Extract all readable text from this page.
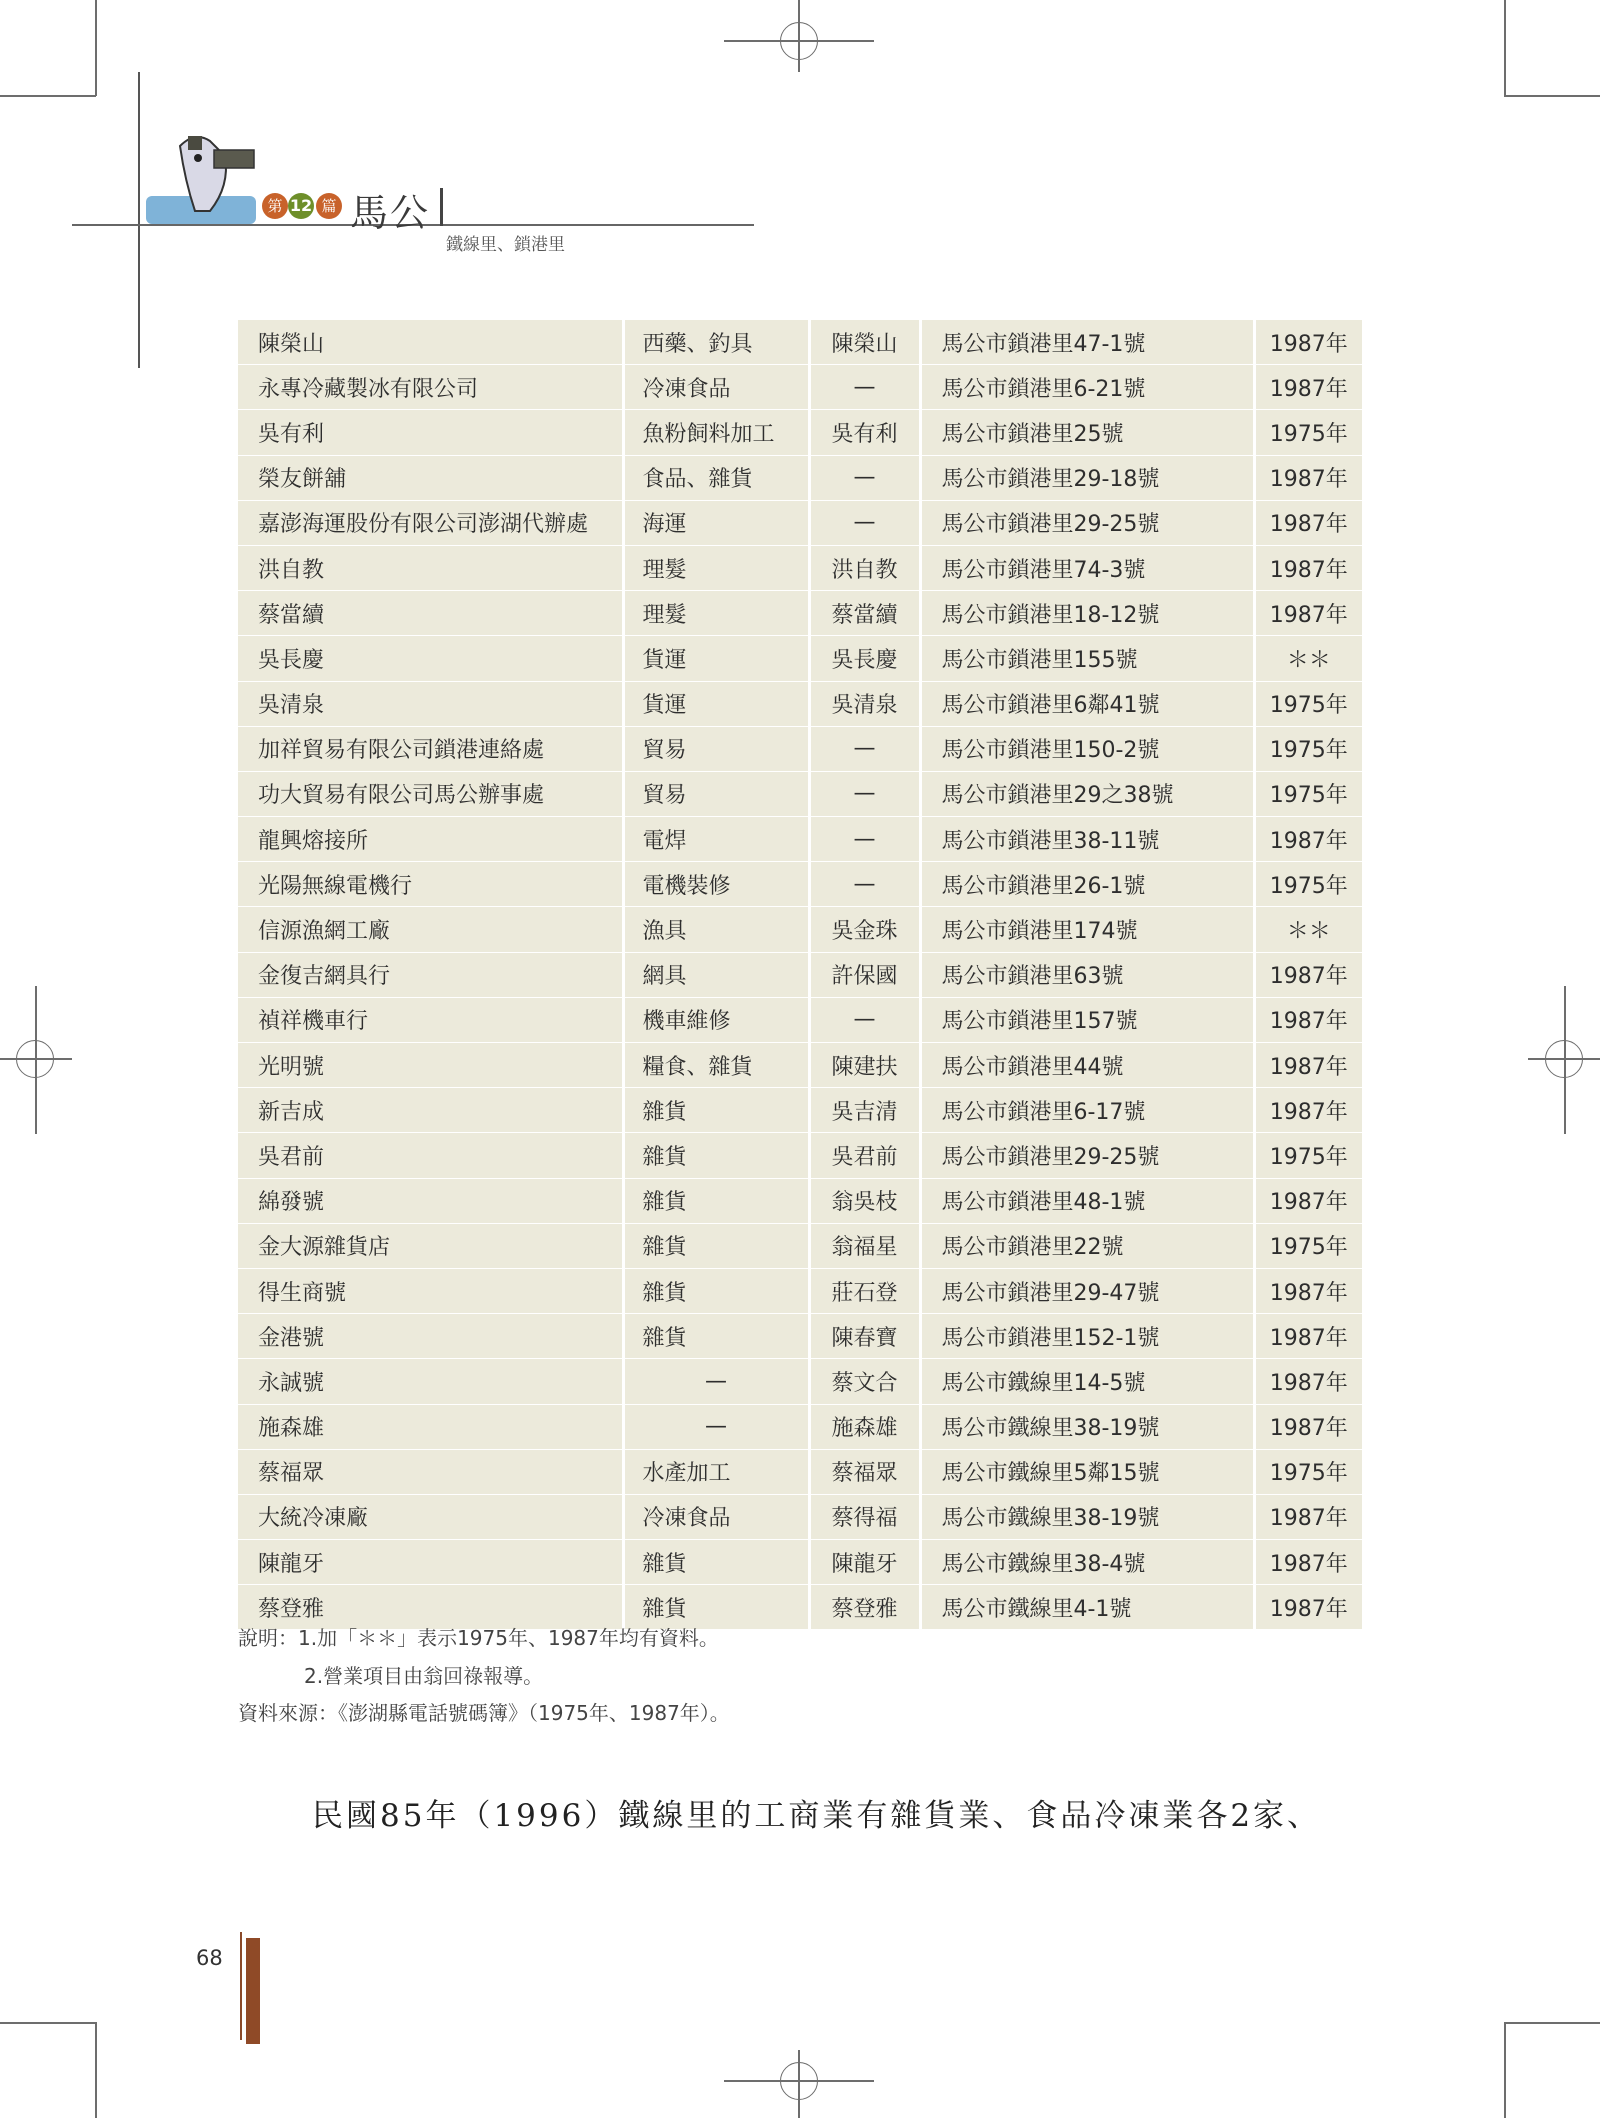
第 12 篇 馬公
鐵線里、鎖港里
陳榮山	西藥、釣具	陳榮山	馬公市鎖港里47-1號	1987年
永專冷藏製冰有限公司	冷凍食品	—	馬公市鎖港里6-21號	1987年
吳有利	魚粉飼料加工	吳有利	馬公市鎖港里25號	1975年
榮友餅舖	食品、雜貨	—	馬公市鎖港里29-18號	1987年
嘉澎海運股份有限公司澎湖代辦處	海運	—	馬公市鎖港里29-25號	1987年
洪自教	理髮	洪自教	馬公市鎖港里74-3號	1987年
蔡當續	理髮	蔡當續	馬公市鎖港里18-12號	1987年
吳長慶	貨運	吳長慶	馬公市鎖港里155號	＊＊
吳清泉	貨運	吳清泉	馬公市鎖港里6鄰41號	1975年
加祥貿易有限公司鎖港連絡處	貿易	—	馬公市鎖港里150-2號	1975年
功大貿易有限公司馬公辦事處	貿易	—	馬公市鎖港里29之38號	1975年
龍興熔接所	電焊	—	馬公市鎖港里38-11號	1987年
光陽無線電機行	電機裝修	—	馬公市鎖港里26-1號	1975年
信源漁網工廠	漁具	吳金珠	馬公市鎖港里174號	＊＊
金復吉網具行	網具	許保國	馬公市鎖港里63號	1987年
禎祥機車行	機車維修	—	馬公市鎖港里157號	1987年
光明號	糧食、雜貨	陳建扶	馬公市鎖港里44號	1987年
新吉成	雜貨	吳吉清	馬公市鎖港里6-17號	1987年
吳君前	雜貨	吳君前	馬公市鎖港里29-25號	1975年
綿發號	雜貨	翁吳枝	馬公市鎖港里48-1號	1987年
金大源雜貨店	雜貨	翁福星	馬公市鎖港里22號	1975年
得生商號	雜貨	莊石登	馬公市鎖港里29-47號	1987年
金港號	雜貨	陳春寶	馬公市鎖港里152-1號	1987年
永誠號	—	蔡文合	馬公市鐵線里14-5號	1987年
施森雄	—	施森雄	馬公市鐵線里38-19號	1987年
蔡福眾	水產加工	蔡福眾	馬公市鐵線里5鄰15號	1975年
大統冷凍廠	冷凍食品	蔡得福	馬公市鐵線里38-19號	1987年
陳龍牙	雜貨	陳龍牙	馬公市鐵線里38-4號	1987年
蔡登雅	雜貨	蔡登雅	馬公市鐵線里4-1號	1987年
說明：1.加「＊＊」表示1975年、1987年均有資料。
2.營業項目由翁回祿報導。
資料來源：《澎湖縣電話號碼簿》（1975年、1987年）。
民國85年（1996）鐵線里的工商業有雜貨業、食品冷凍業各2家、
68
